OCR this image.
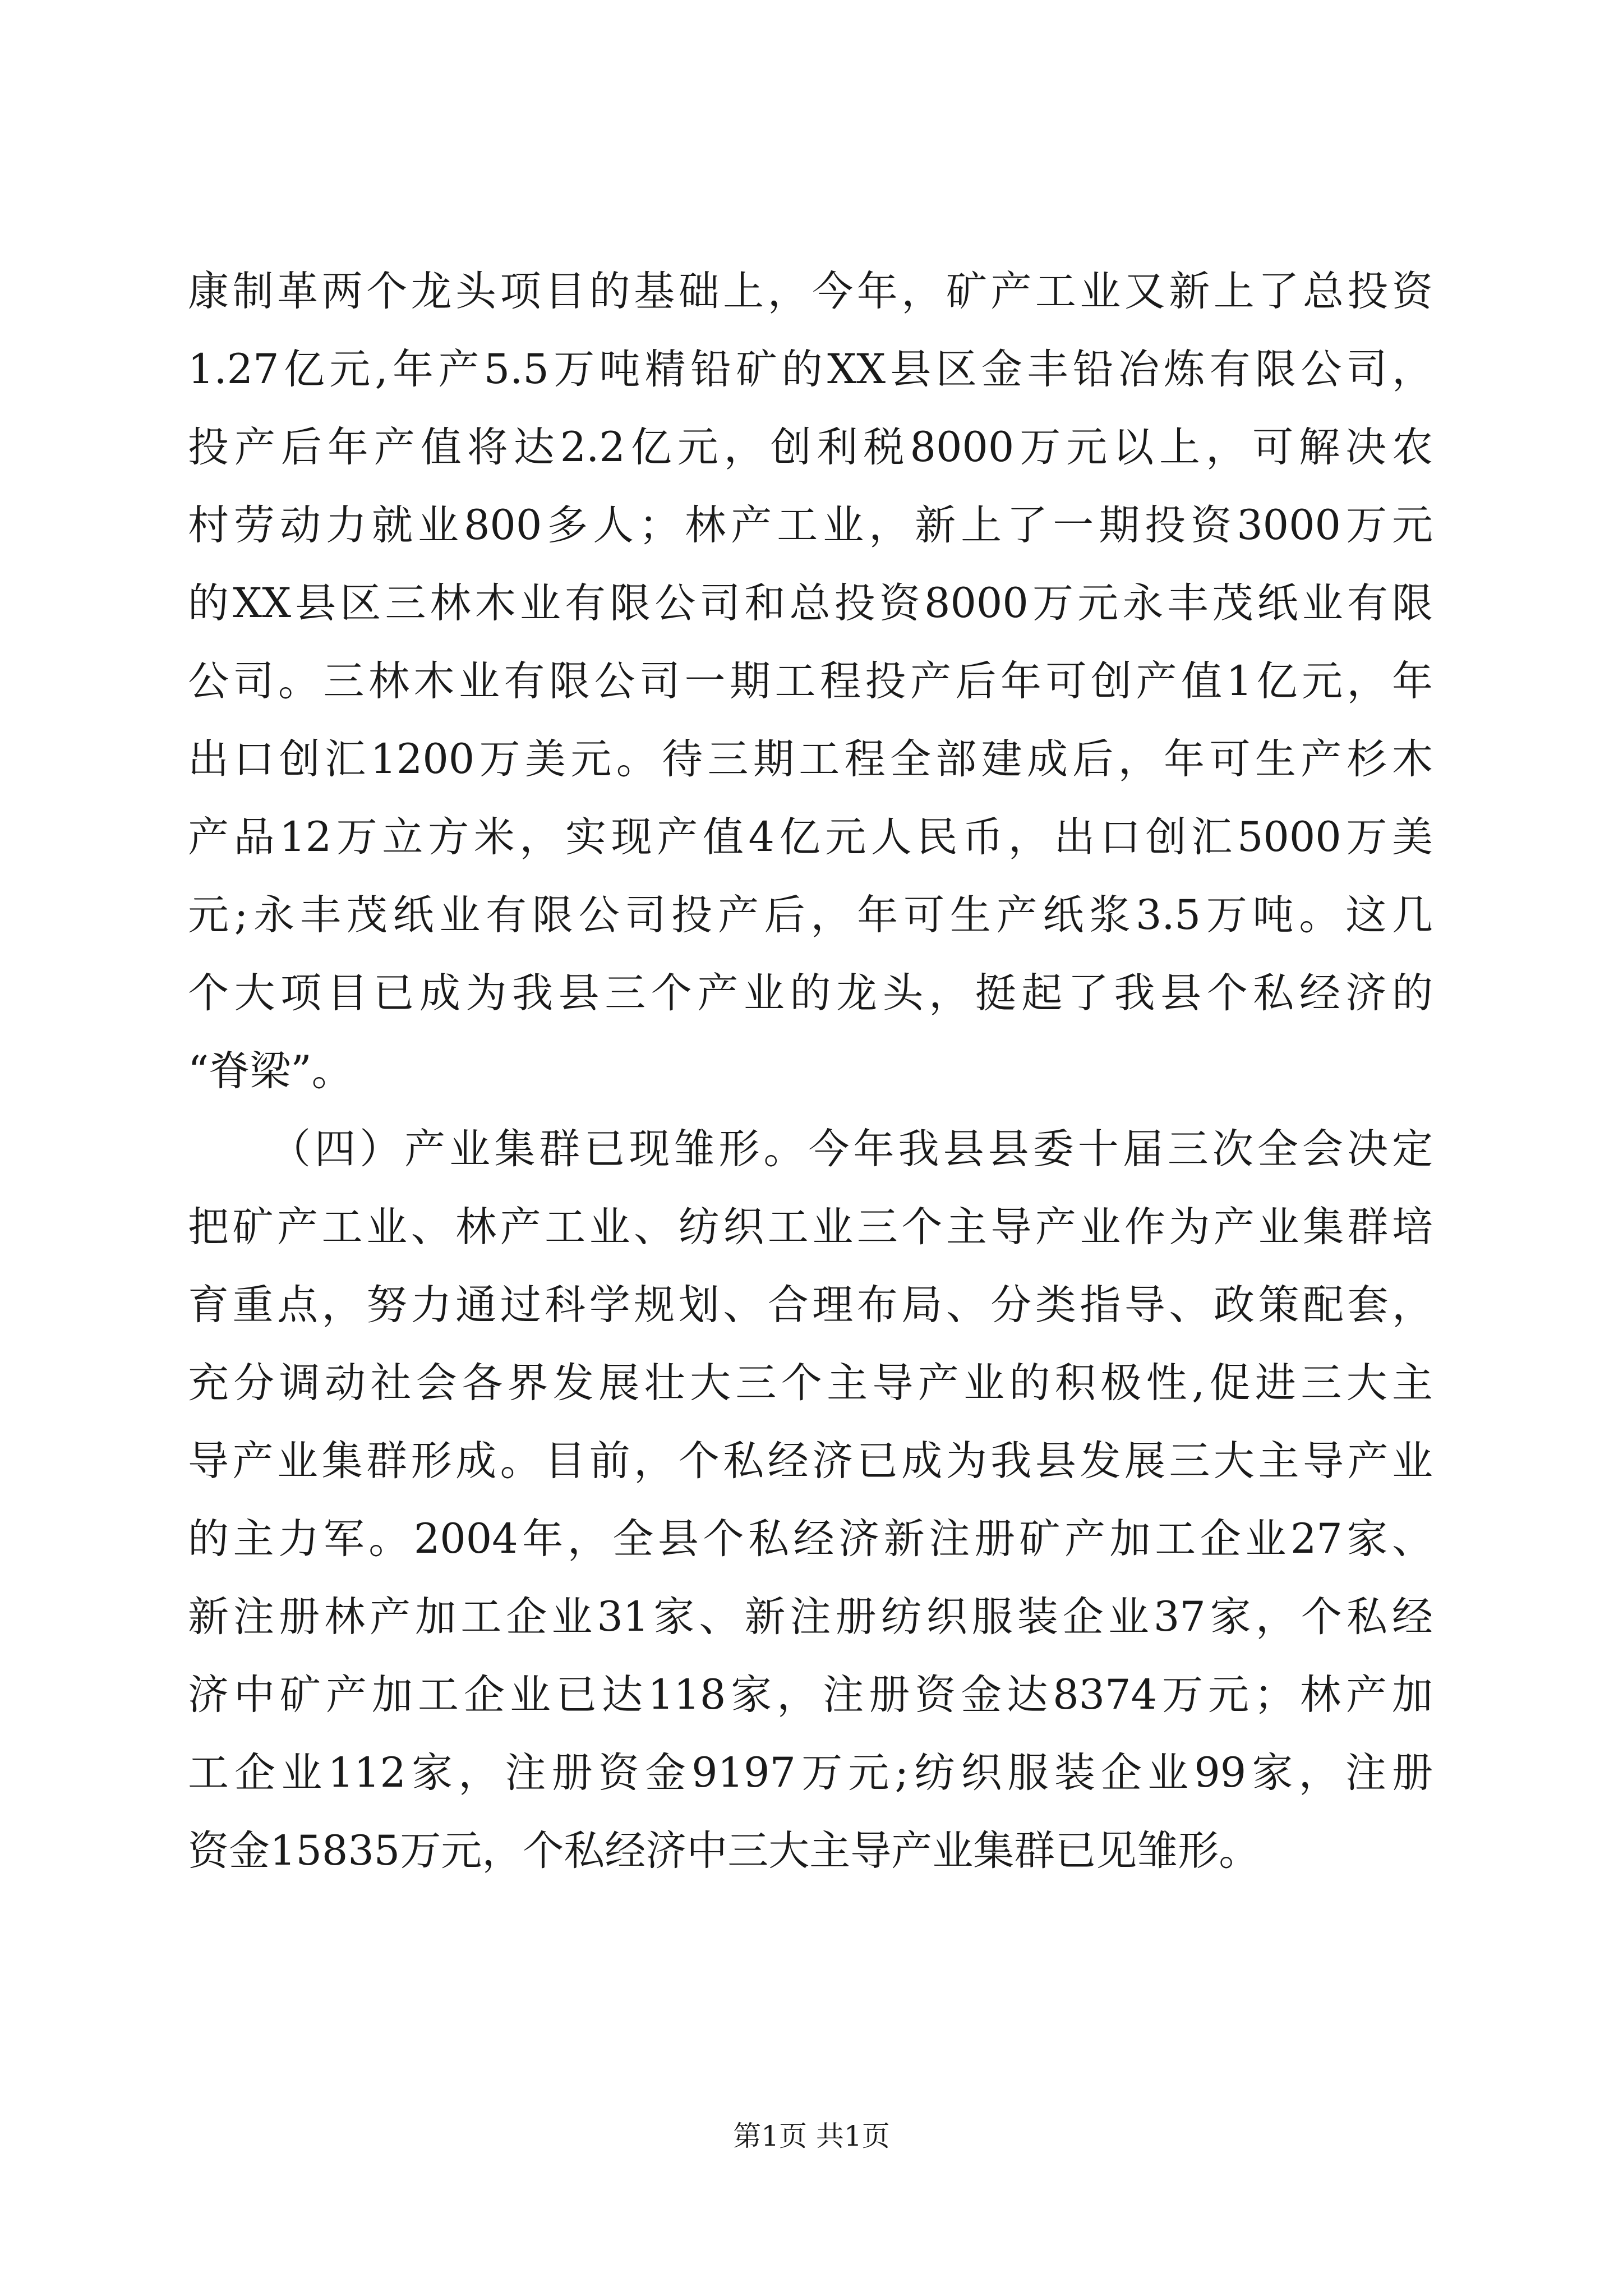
康制革两个龙头项目的基础上，今年，矿产工业又新上了总投资
1.27亿元,年产5.5万吨精铅矿的XX县区金丰铅冶炼有限公司，
投产后年产值将达2.2亿元，创利税8000万元以上，可解决农
村劳动力就业800多人；林产工业，新上了一期投资3000万元
的XX县区三林木业有限公司和总投资8000万元永丰茂纸业有限
公司。三林木业有限公司一期工程投产后年可创产值1亿元，年
出口创汇1200万美元。待三期工程全部建成后，年可生产杉木
产品12万立方米，实现产值4亿元人民币，出口创汇5000万美
元;永丰茂纸业有限公司投产后，年可生产纸浆3.5万吨。这几
个大项目已成为我县三个产业的龙头，挺起了我县个私经济的
“脊梁”。
（四）产业集群已现雏形。今年我县县委十届三次全会决定
把矿产工业、林产工业、纺织工业三个主导产业作为产业集群培
育重点，努力通过科学规划、合理布局、分类指导、政策配套，
充分调动社会各界发展壮大三个主导产业的积极性,促进三大主
导产业集群形成。目前，个私经济已成为我县发展三大主导产业
的主力军。2004年，全县个私经济新注册矿产加工企业27家、
新注册林产加工企业31家、新注册纺织服装企业37家，个私经
济中矿产加工企业已达118家，注册资金达8374万元；林产加
工企业112家，注册资金9197万元;纺织服装企业99家，注册
资金15835万元，个私经济中三大主导产业集群已见雏形。
第1页 共1页
